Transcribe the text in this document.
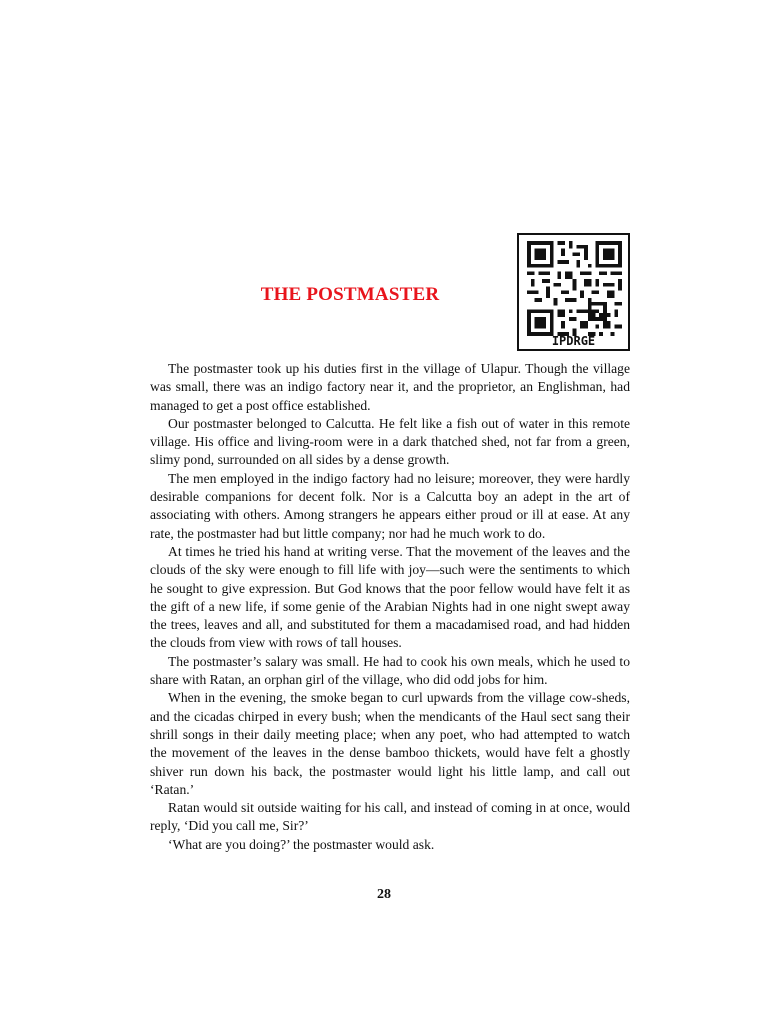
THE POSTMASTER
IPDRGE

The postmaster took up his duties first in the village of Ulapur. Though the village was small, there was an indigo factory near it, and the proprietor, an Englishman, had managed to get a post office established.

Our postmaster belonged to Calcutta. He felt like a fish out of water in this remote village. His office and living-room were in a dark thatched shed, not far from a green, slimy pond, surrounded on all sides by a dense growth.

The men employed in the indigo factory had no leisure; moreover, they were hardly desirable companions for decent folk. Nor is a Calcutta boy an adept in the art of associating with others. Among strangers he appears either proud or ill at ease. At any rate, the postmaster had but little company; nor had he much work to do.

At times he tried his hand at writing verse. That the movement of the leaves and the clouds of the sky were enough to fill life with joy—such were the sentiments to which he sought to give expression. But God knows that the poor fellow would have felt it as the gift of a new life, if some genie of the Arabian Nights had in one night swept away the trees, leaves and all, and substituted for them a macadamised road, and had hidden the clouds from view with rows of tall houses.

The postmaster’s salary was small. He had to cook his own meals, which he used to share with Ratan, an orphan girl of the village, who did odd jobs for him.

When in the evening, the smoke began to curl upwards from the village cow-sheds, and the cicadas chirped in every bush; when the mendicants of the Haul sect sang their shrill songs in their daily meeting place; when any poet, who had attempted to watch the movement of the leaves in the dense bamboo thickets, would have felt a ghostly shiver run down his back, the postmaster would light his little lamp, and call out ‘Ratan.’

Ratan would sit outside waiting for his call, and instead of coming in at once, would reply, ‘Did you call me, Sir?’

‘What are you doing?’ the postmaster would ask.

28
